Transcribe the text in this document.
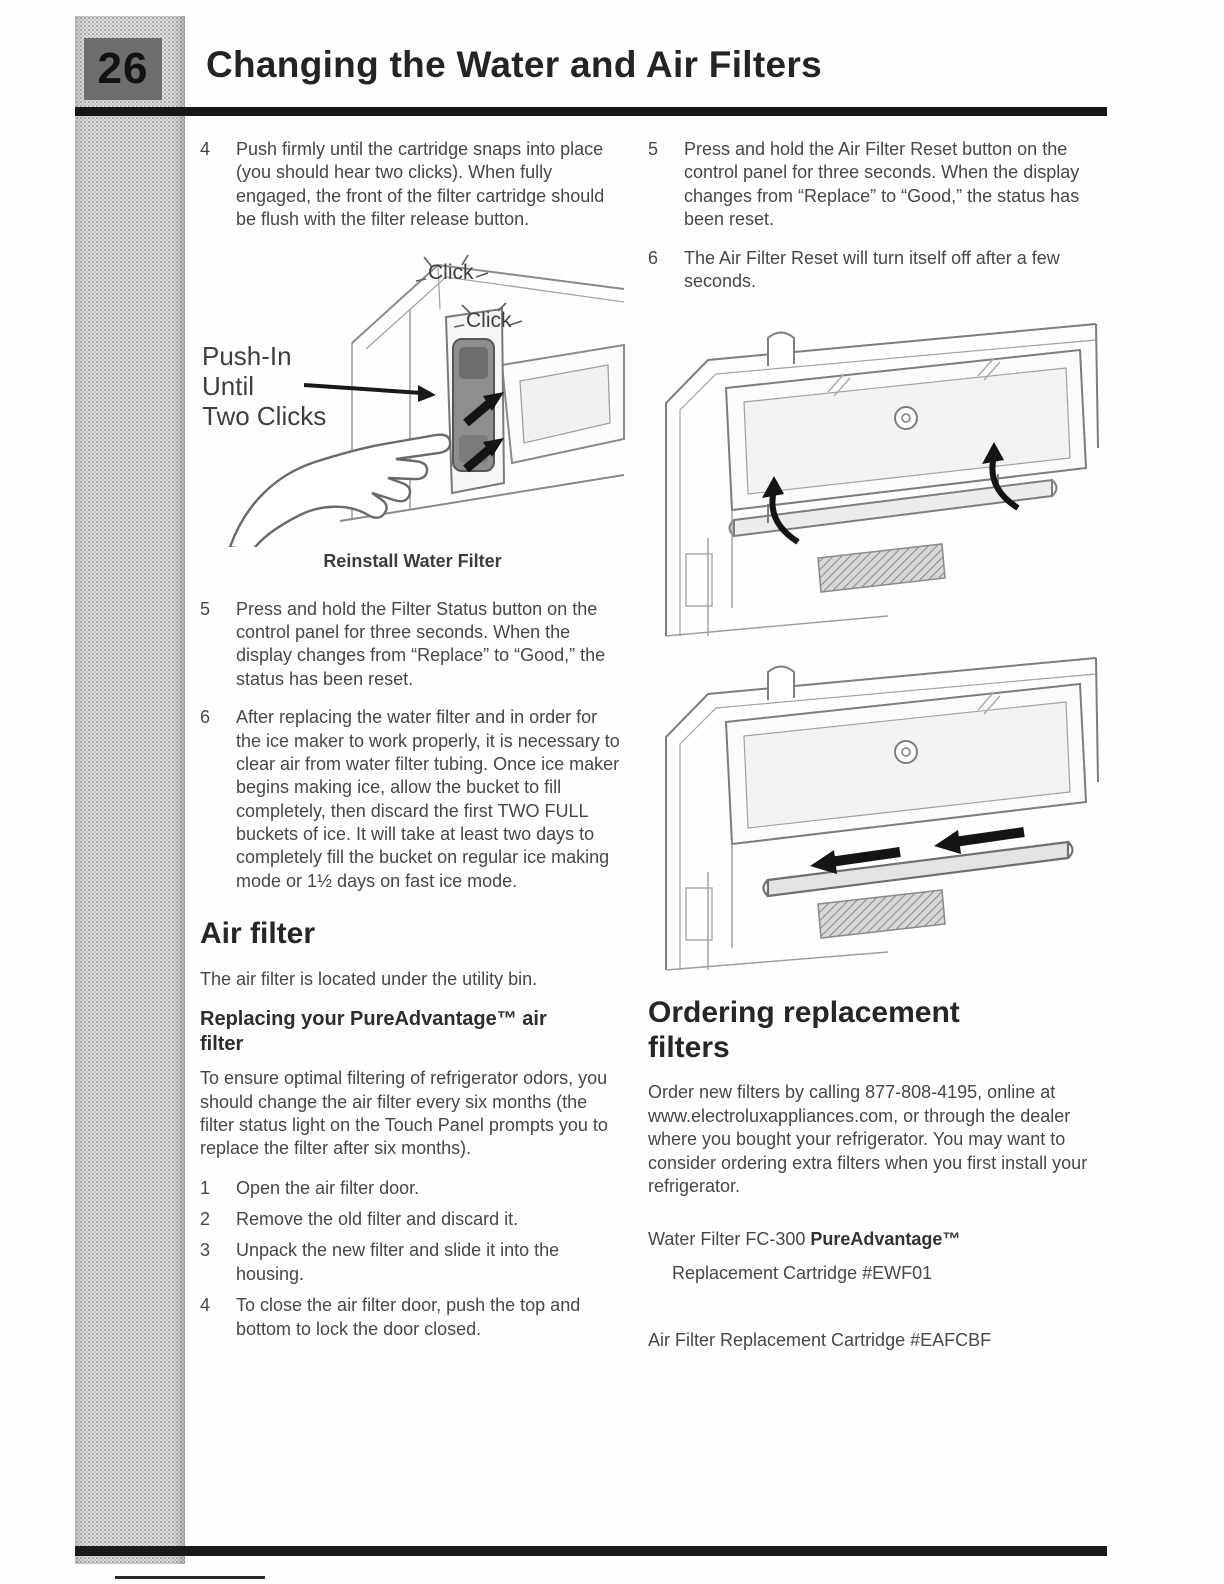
26	Changing the Water and Air Filters
4	Push firmly until the cartridge snaps into place (you should hear two clicks). When fully engaged, the front of the filter cartridge should be flush with the filter release button.
Click
Click
Push-In
Until
Two Clicks
Reinstall Water Filter
5	Press and hold the Filter Status button on the control panel for three seconds. When the display changes from “Replace” to “Good,” the status has been reset.
6	After replacing the water filter and in order for the ice maker to work properly, it is necessary to clear air from water filter tubing. Once ice maker begins making ice, allow the bucket to fill completely, then discard the first TWO FULL buckets of ice. It will take at least two days to completely fill the bucket on regular ice making mode or 1½ days on fast ice mode.
Air filter

The air filter is located under the utility bin.

Replacing your PureAdvantage™ air filter

To ensure optimal filtering of refrigerator odors, you should change the air filter every six months (the filter status light on the Touch Panel prompts you to replace the filter after six months).

1	Open the air filter door.
2	Remove the old filter and discard it.
3	Unpack the new filter and slide it into the housing.
4	To close the air filter door, push the top and bottom to lock the door closed.
5	Press and hold the Air Filter Reset button on the control panel for three seconds. When the display changes from “Replace” to “Good,” the status has been reset.
6	The Air Filter Reset will turn itself off after a few seconds.
Ordering replacement filters

Order new filters by calling 877-808-4195, online at www.electroluxappliances.com, or through the dealer where you bought your refrigerator. You may want to consider ordering extra filters when you first install your refrigerator.

Water Filter FC-300 PureAdvantage™
Replacement Cartridge #EWF01
Air Filter Replacement Cartridge #EAFCBF
